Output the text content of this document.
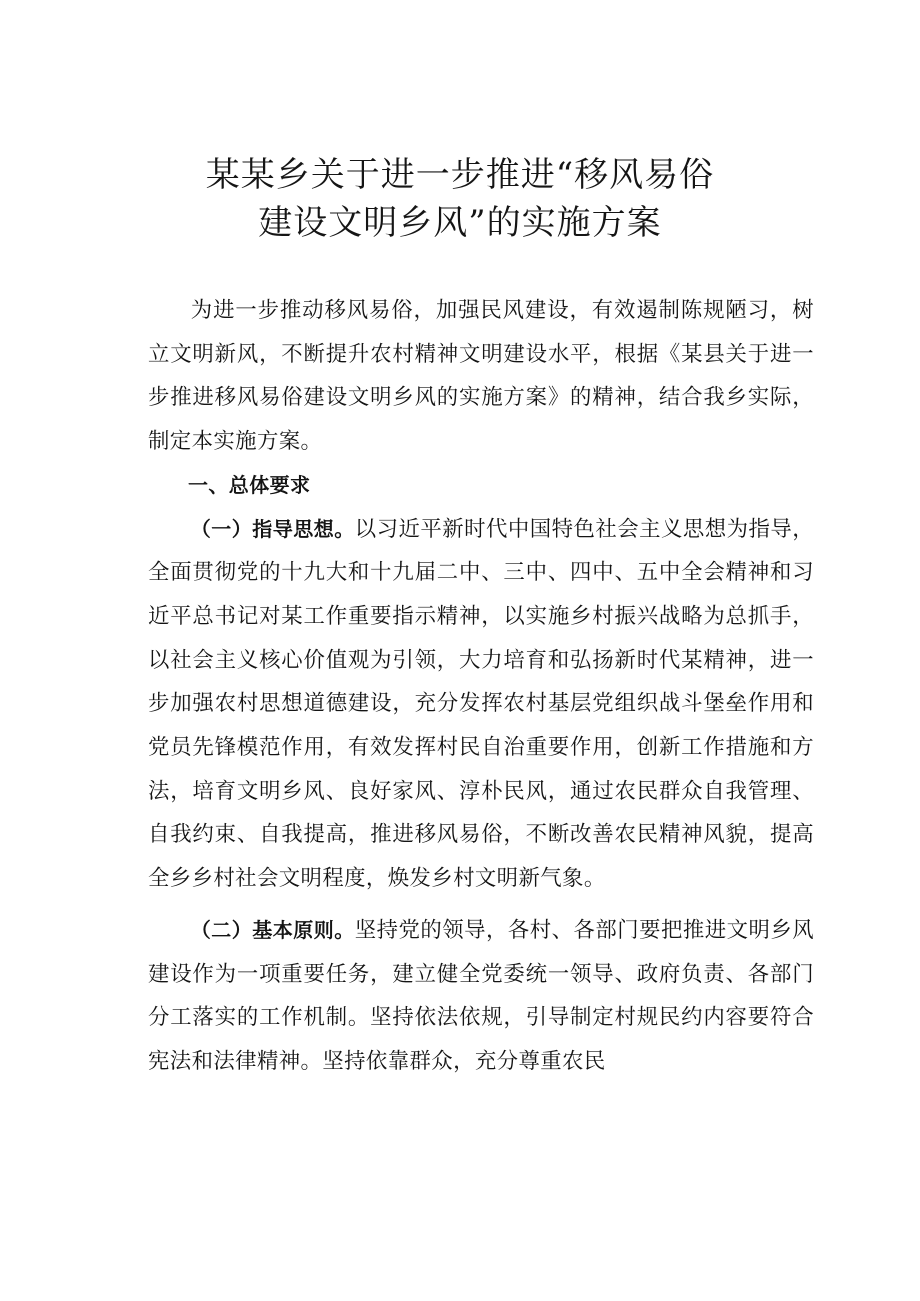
某某乡关于进一步推进“移风易俗
建设文明乡风”的实施方案

为进一步推动移风易俗，加强民风建设，有效遏制陈规陋习，树立文明新风，不断提升农村精神文明建设水平，根据《某县关于进一步推进移风易俗建设文明乡风的实施方案》的精神，结合我乡实际，制定本实施方案。

一、总体要求

（一）指导思想。以习近平新时代中国特色社会主义思想为指导，全面贯彻党的十九大和十九届二中、三中、四中、五中全会精神和习近平总书记对某工作重要指示精神，以实施乡村振兴战略为总抓手，以社会主义核心价值观为引领，大力培育和弘扬新时代某精神，进一步加强农村思想道德建设，充分发挥农村基层党组织战斗堡垒作用和党员先锋模范作用，有效发挥村民自治重要作用，创新工作措施和方法，培育文明乡风、良好家风、淳朴民风，通过农民群众自我管理、自我约束、自我提高，推进移风易俗，不断改善农民精神风貌，提高全乡乡村社会文明程度，焕发乡村文明新气象。

（二）基本原则。坚持党的领导，各村、各部门要把推进文明乡风建设作为一项重要任务，建立健全党委统一领导、政府负责、各部门分工落实的工作机制。坚持依法依规，引导制定村规民约内容要符合宪法和法律精神。坚持依靠群众，充分尊重农民
